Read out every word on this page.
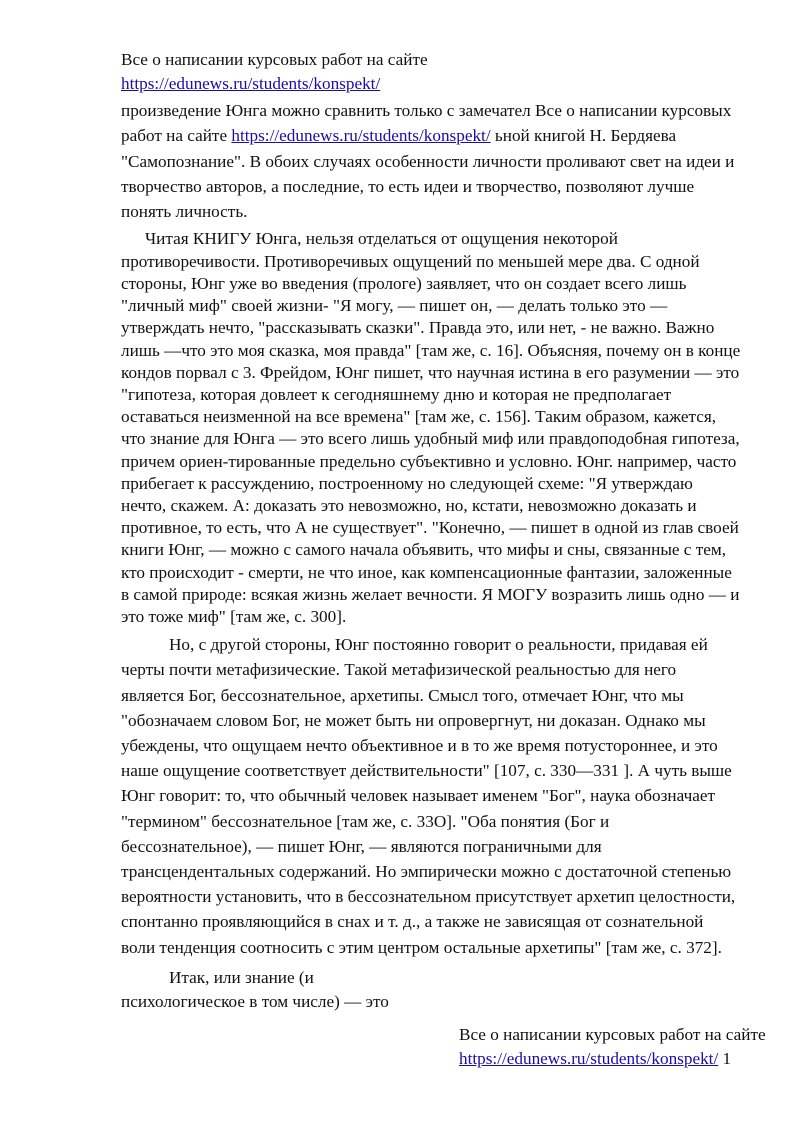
Все о написании курсовых работ на сайте
https://edunews.ru/students/konspekt/
произведение Юнга можно сравнить только с замечател Все о написании курсовых работ на сайте https://edunews.ru/students/konspekt/ ьной книгой Н. Бердяева "Самопознание". В обоих случаях особенности личности проливают свет на идеи и творчество авторов, а последние, то есть идеи и творчество, позволяют лучше понять личность.
Читая КНИГУ Юнга, нельзя отделаться от ощущения некоторой противоречивости. Противоречивых ощущений по меньшей мере два. С одной стороны, Юнг уже во введения (прологе) заявляет, что он создает всего лишь "личный миф" своей жизни- "Я могу, — пишет он, — делать только это — утверждать нечто, "рассказывать сказки". Правда это, или нет, - не важно. Важно лишь —что это моя сказка, моя правда" [там же, с. 16]. Объясняя, почему он в конце кондов порвал с 3. Фрейдом, Юнг пишет, что научная истина в его разумении — это "гипотеза, которая довлеет к сегодняшнему дню и которая не предполагает оставаться неизменной на все времена" [там же, с. 156]. Таким образом, кажется, что знание для Юнга — это всего лишь удобный миф или правдоподобная гипотеза, причем ориен-тированные предельно субъективно и условно. Юнг. например, часто прибегает к рассуждению, построенному но следующей схеме: "Я утверждаю нечто, скажем. А: доказать это невозможно, но, кстати, невозможно доказать и противное, то есть, что А не существует". "Конечно, — пишет в одной из глав своей книги Юнг, — можно с самого начала объявить, что мифы и сны, связанные с тем, кто происходит - смерти, не что иное, как компенсационные фантазии, заложенные в самой природе: всякая жизнь желает вечности. Я МОГУ возразить лишь одно — и это тоже миф" [там же, с. 300].
Но, с другой стороны, Юнг постоянно говорит о реальности, придавая ей черты почти метафизические. Такой метафизической реальностью для него является Бог, бессознательное, архетипы. Смысл того, отмечает Юнг, что мы "обозначаем словом Бог, не может быть ни опровергнут, ни доказан. Однако мы убеждены, что ощущаем нечто объективное и в то же время потустороннее, и это наше ощущение соответствует действительности" [107, с. 330—331 ]. А чуть выше Юнг говорит: то, что обычный человек называет именем "Бог", наука обозначает "термином" бессознательное [там же, с. 33О]. "Оба понятия (Бог и бессознательное), — пишет Юнг, — являются пограничными для трансцендентальных содержаний. Но эмпирически можно с достаточной степенью вероятности установить, что в бессознательном присутствует архетип целостности, спонтанно проявляющийся в снах и т. д., а также не зависящая от сознательной воли тенденция соотносить с этим центром остальные архетипы" [там же, с. 372].
Итак, или знание (и психологическое в том числе) — это
Все о написании курсовых работ на сайте
https://edunews.ru/students/konspekt/ 1
